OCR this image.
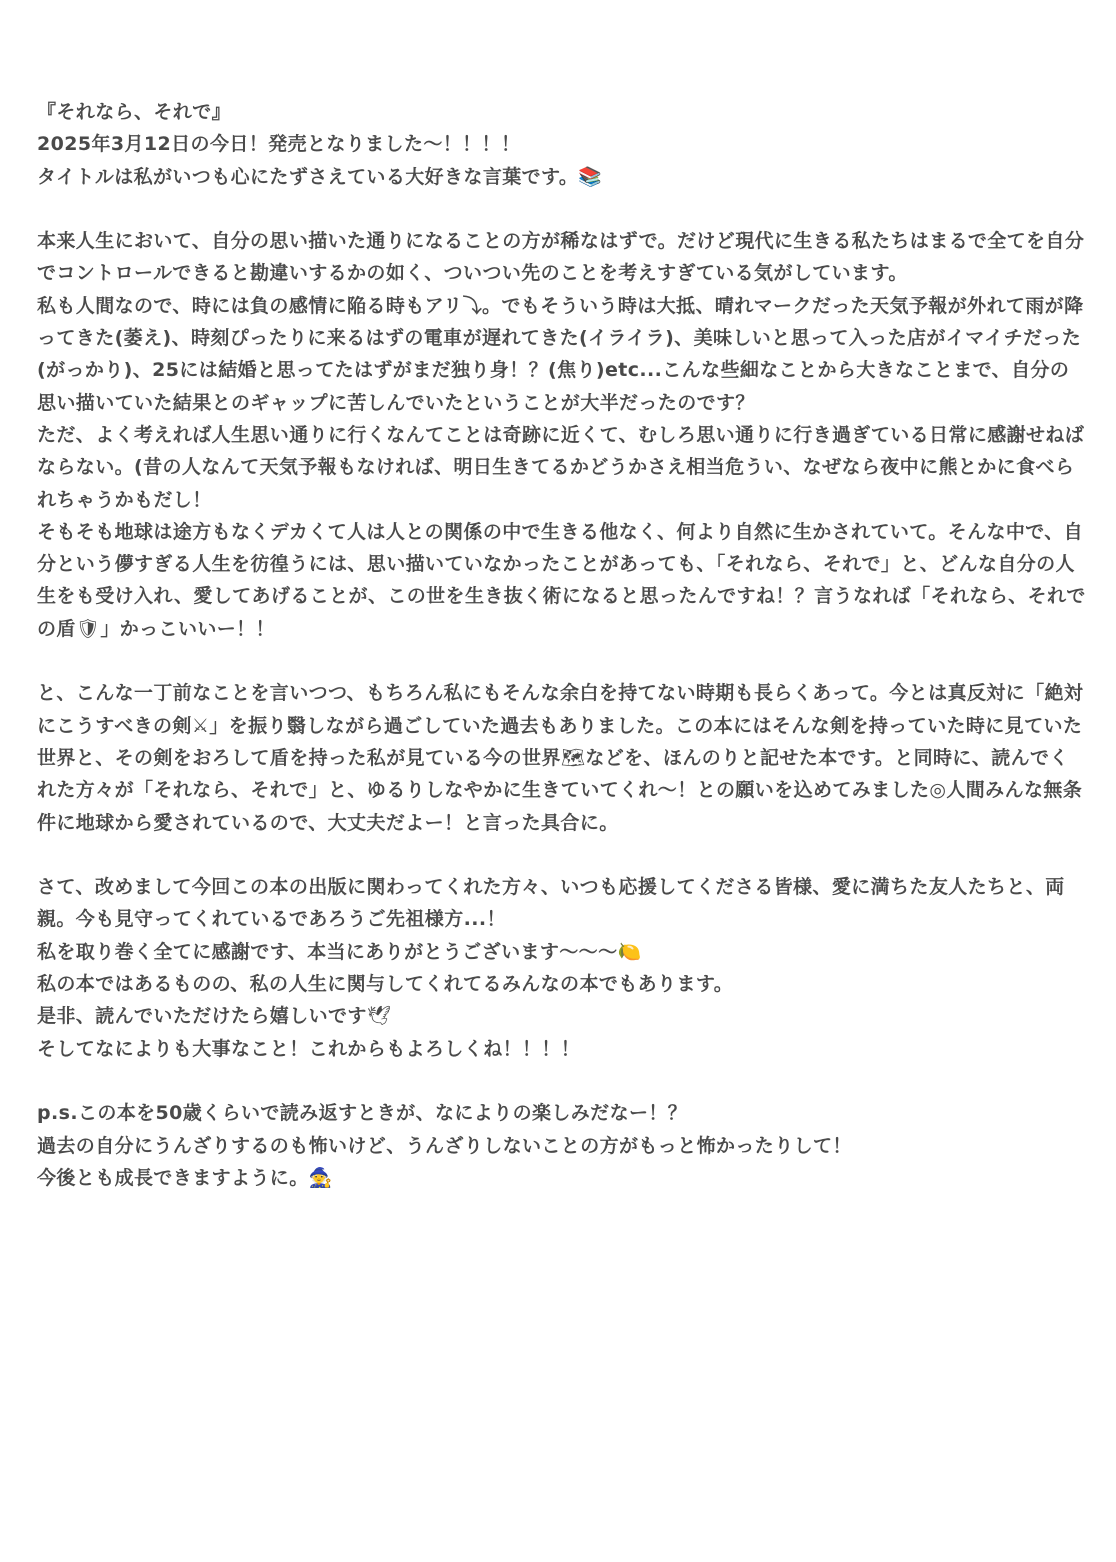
『それなら、それで』
2025年3月12日の今日！発売となりました〜！！！！
タイトルは私がいつも心にたずさえている大好きな言葉です。📚
本来人生において、自分の思い描いた通りになることの方が稀なはずで。だけど現代に生きる私たちはまるで全てを自分でコントロールできると勘違いするかの如く、ついつい先のことを考えすぎている気がしています。
私も人間なので、時には負の感情に陥る時もアリ⤵︎。でもそういう時は大抵、晴れマークだった天気予報が外れて雨が降ってきた(萎え)、時刻ぴったりに来るはずの電車が遅れてきた(イライラ)、美味しいと思って入った店がイマイチだった(がっかり)、25には結婚と思ってたはずがまだ独り身！？(焦り)etc...こんな些細なことから大きなことまで、自分の思い描いていた結果とのギャップに苦しんでいたということが大半だったのです？
ただ、よく考えれば人生思い通りに行くなんてことは奇跡に近くて、むしろ思い通りに行き過ぎている日常に感謝せねばならない。(昔の人なんて天気予報もなければ、明日生きてるかどうかさえ相当危うい、なぜなら夜中に熊とかに食べられちゃうかもだし！
そもそも地球は途方もなくデカくて人は人との関係の中で生きる他なく、何より自然に生かされていて。そんな中で、自分という儚すぎる人生を彷徨うには、思い描いていなかったことがあっても、「それなら、それで」と、どんな自分の人生をも受け入れ、愛してあげることが、この世を生き抜く術になると思ったんですね！？言うなれば「それなら、それでの盾🛡」かっこいいー！！
と、こんな一丁前なことを言いつつ、もちろん私にもそんな余白を持てない時期も長らくあって。今とは真反対に「絶対にこうすべきの剣⚔」を振り翳しながら過ごしていた過去もありました。この本にはそんな剣を持っていた時に見ていた世界と、その剣をおろして盾を持った私が見ている今の世界🗺などを、ほんのりと記せた本です。と同時に、読んでくれた方々が「それなら、それで」と、ゆるりしなやかに生きていてくれ〜！との願いを込めてみました◎人間みんな無条件に地球から愛されているので、大丈夫だよー！と言った具合に。
さて、改めまして今回この本の出版に関わってくれた方々、いつも応援してくださる皆様、愛に満ちた友人たちと、両親。今も見守ってくれているであろうご先祖様方...！
私を取り巻く全てに感謝です、本当にありがとうございます〜〜〜🍋
私の本ではあるものの、私の人生に関与してくれてるみんなの本でもあります。
是非、読んでいただけたら嬉しいです🕊
そしてなによりも大事なこと！これからもよろしくね！！！！
p.s.この本を50歳くらいで読み返すときが、なによりの楽しみだなー！？
過去の自分にうんざりするのも怖いけど、うんざりしないことの方がもっと怖かったりして！
今後とも成長できますように。🧙
